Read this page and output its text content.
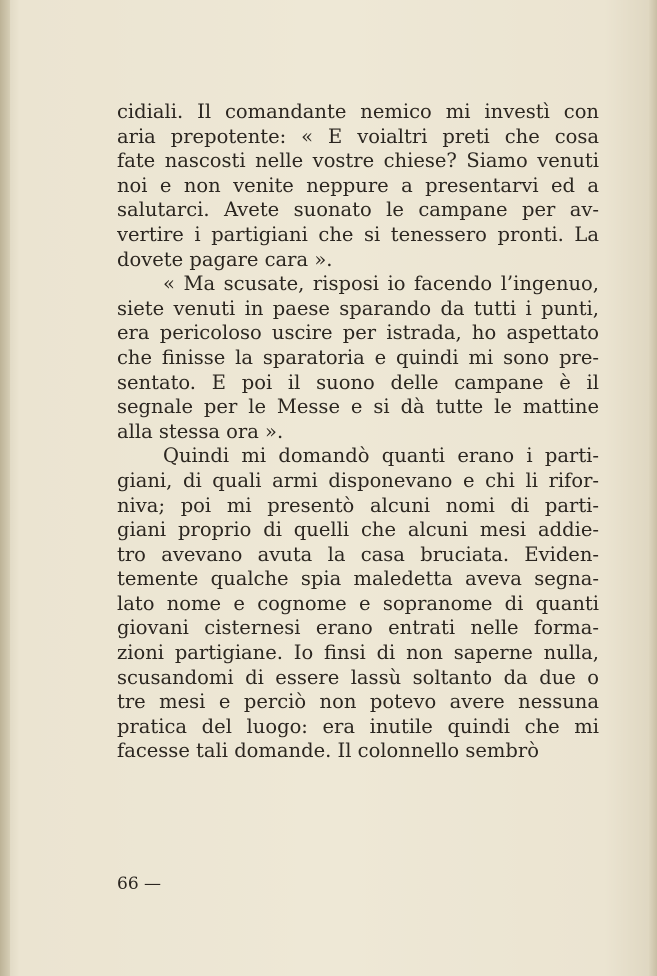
cidiali. Il comandante nemico mi investì con
aria prepotente: « E voialtri preti che cosa
fate nascosti nelle vostre chiese? Siamo venuti
noi e non venite neppure a presentarvi ed a
salutarci. Avete suonato le campane per av-
vertire i partigiani che si tenessero pronti. La
dovete pagare cara ».
« Ma scusate, risposi io facendo l’ingenuo,
siete venuti in paese sparando da tutti i punti,
era pericoloso uscire per istrada, ho aspettato
che finisse la sparatoria e quindi mi sono pre-
sentato. E poi il suono delle campane è il
segnale per le Messe e si dà tutte le mattine
alla stessa ora ».
Quindi mi domandò quanti erano i parti-
giani, di quali armi disponevano e chi li rifor-
niva; poi mi presentò alcuni nomi di parti-
giani proprio di quelli che alcuni mesi addie-
tro avevano avuta la casa bruciata. Eviden-
temente qualche spia maledetta aveva segna-
lato nome e cognome e sopranome di quanti
giovani cisternesi erano entrati nelle forma-
zioni partigiane. Io finsi di non saperne nulla,
scusandomi di essere lassù soltanto da due o
tre mesi e perciò non potevo avere nessuna
pratica del luogo: era inutile quindi che mi
facesse tali domande. Il colonnello sembrò
66 —
